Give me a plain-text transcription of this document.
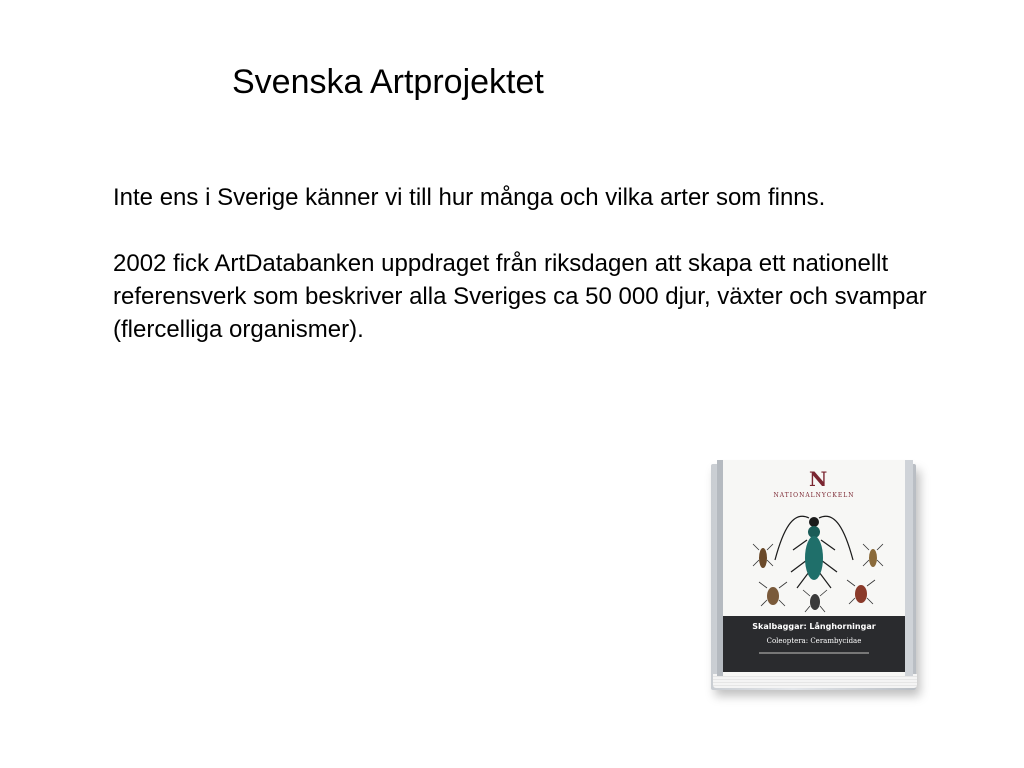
Svenska Artprojektet

Inte ens i Sverige känner vi till hur många och vilka arter som finns.

2002 fick ArtDatabanken uppdraget från riksdagen att skapa ett nationellt referensverk som beskriver alla Sveriges ca 50 000 djur, växter och svampar (flercelliga organismer).

N
NATIONALNYCKELN
Skalbaggar: Långhorningar
Coleoptera: Cerambycidae
